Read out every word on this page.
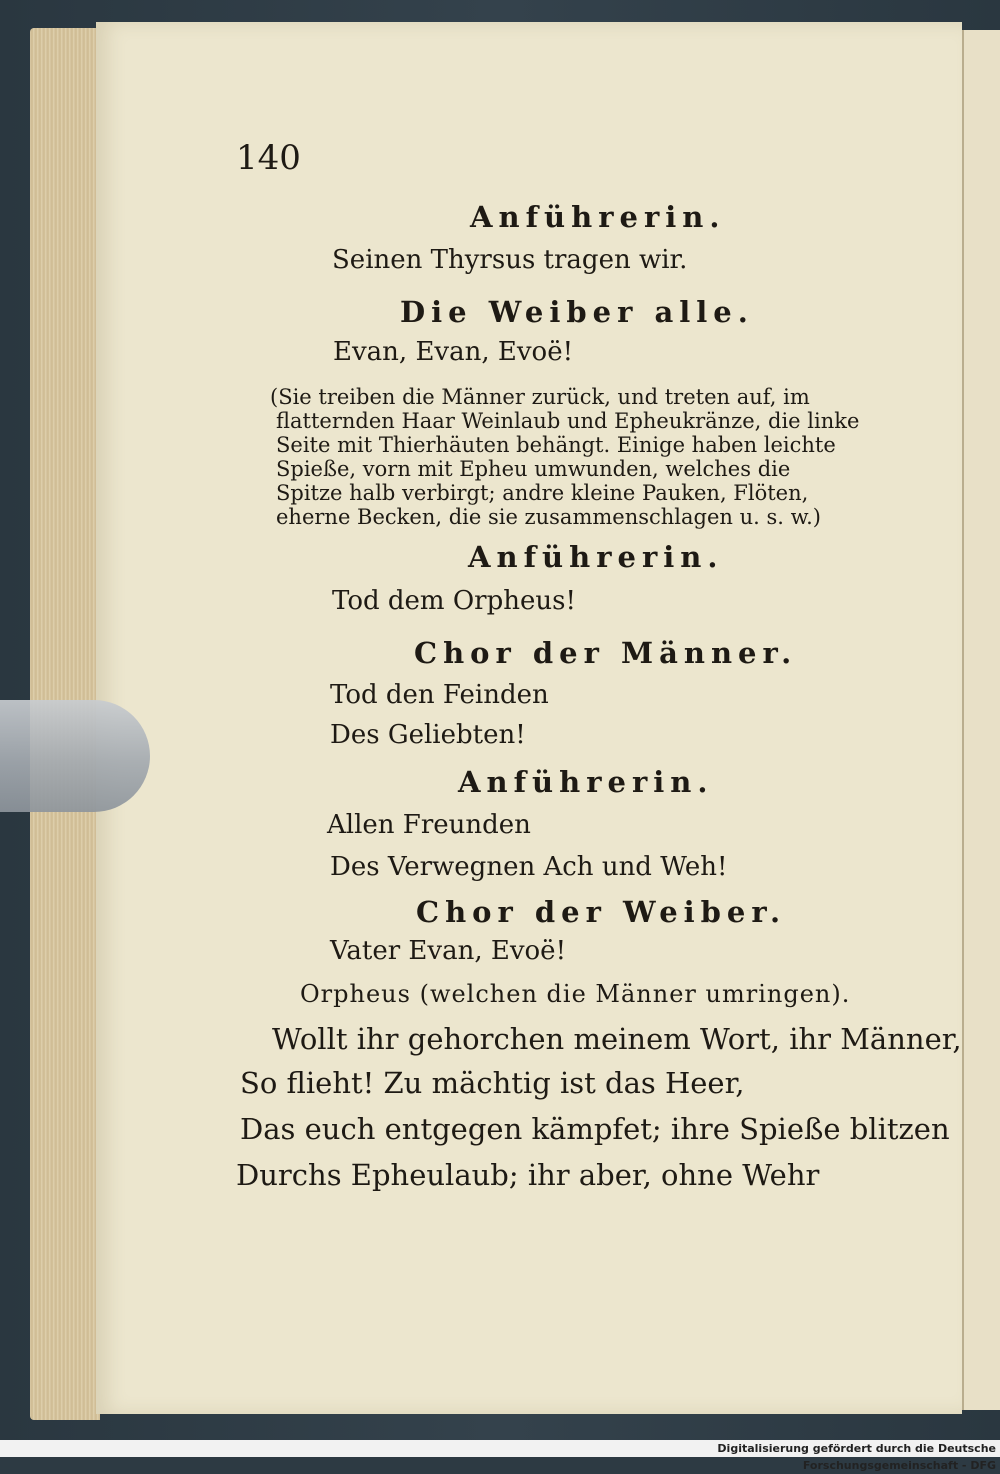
140
Anführerin.
Seinen Thyrsus tragen wir.
Die Weiber alle.
Evan, Evan, Evoë!
(Sie treiben die Männer zurück, und treten auf, im
flatternden Haar Weinlaub und Epheukränze, die linke
Seite mit Thierhäuten behängt. Einige haben leichte
Spieße, vorn mit Epheu umwunden, welches die
Spitze halb verbirgt; andre kleine Pauken, Flöten,
eherne Becken, die sie zusammenschlagen u. s. w.)
Anführerin.
Tod dem Orpheus!
Chor der Männer.
Tod den Feinden
Des Geliebten!
Anführerin.
Allen Freunden
Des Verwegnen Ach und Weh!
Chor der Weiber.
Vater Evan, Evoë!
Orpheus (welchen die Männer umringen).
Wollt ihr gehorchen meinem Wort, ihr Männer,
So flieht! Zu mächtig ist das Heer,
Das euch entgegen kämpfet; ihre Spieße blitzen
Durchs Epheulaub; ihr aber, ohne Wehr
Digitalisierung gefördert durch die Deutsche Forschungsgemeinschaft - DFG
